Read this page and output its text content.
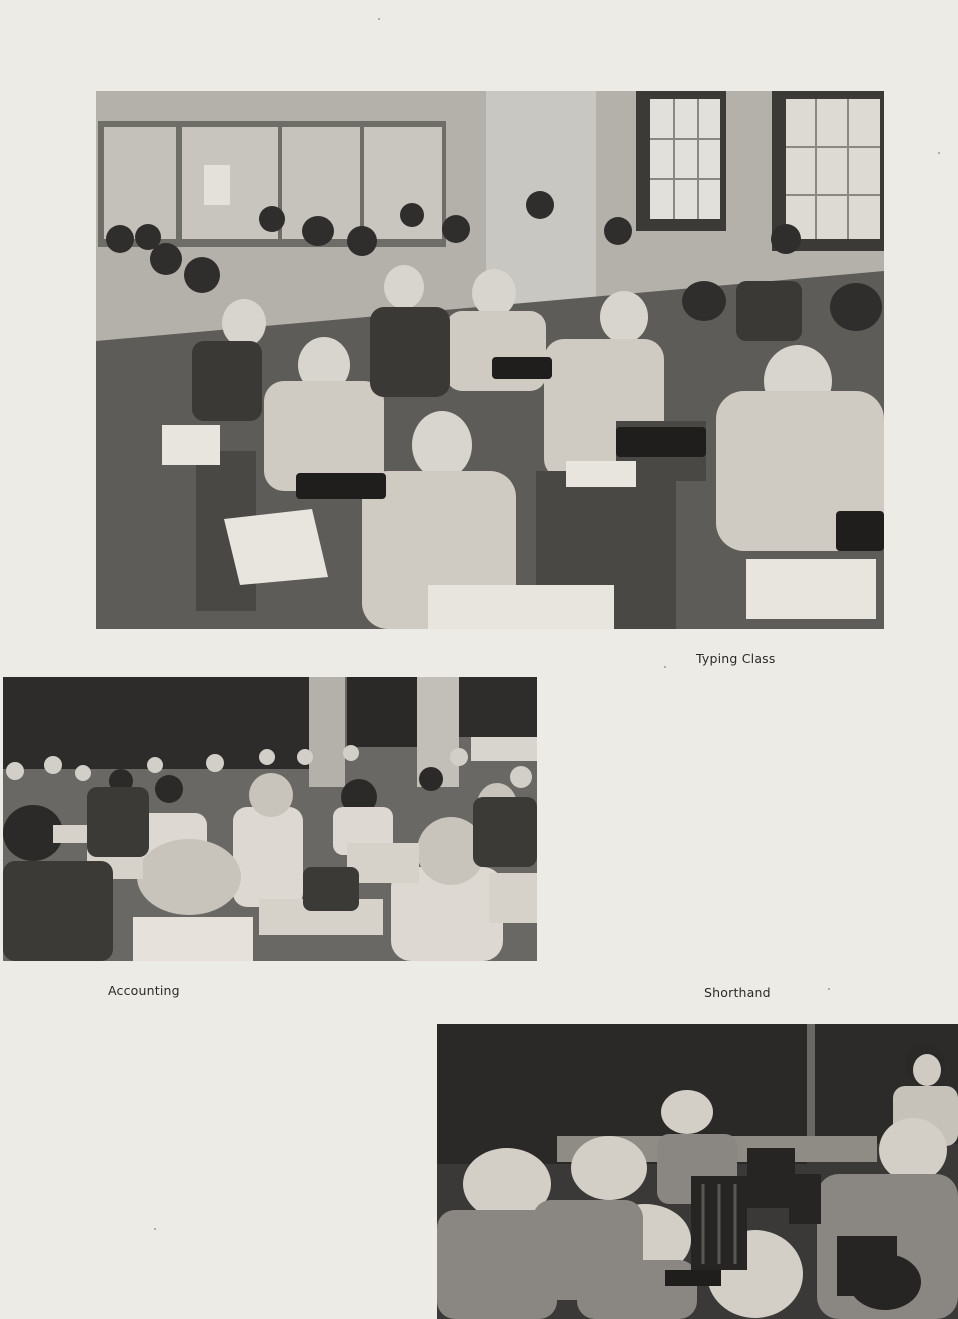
Typing Class
Accounting	Shorthand
